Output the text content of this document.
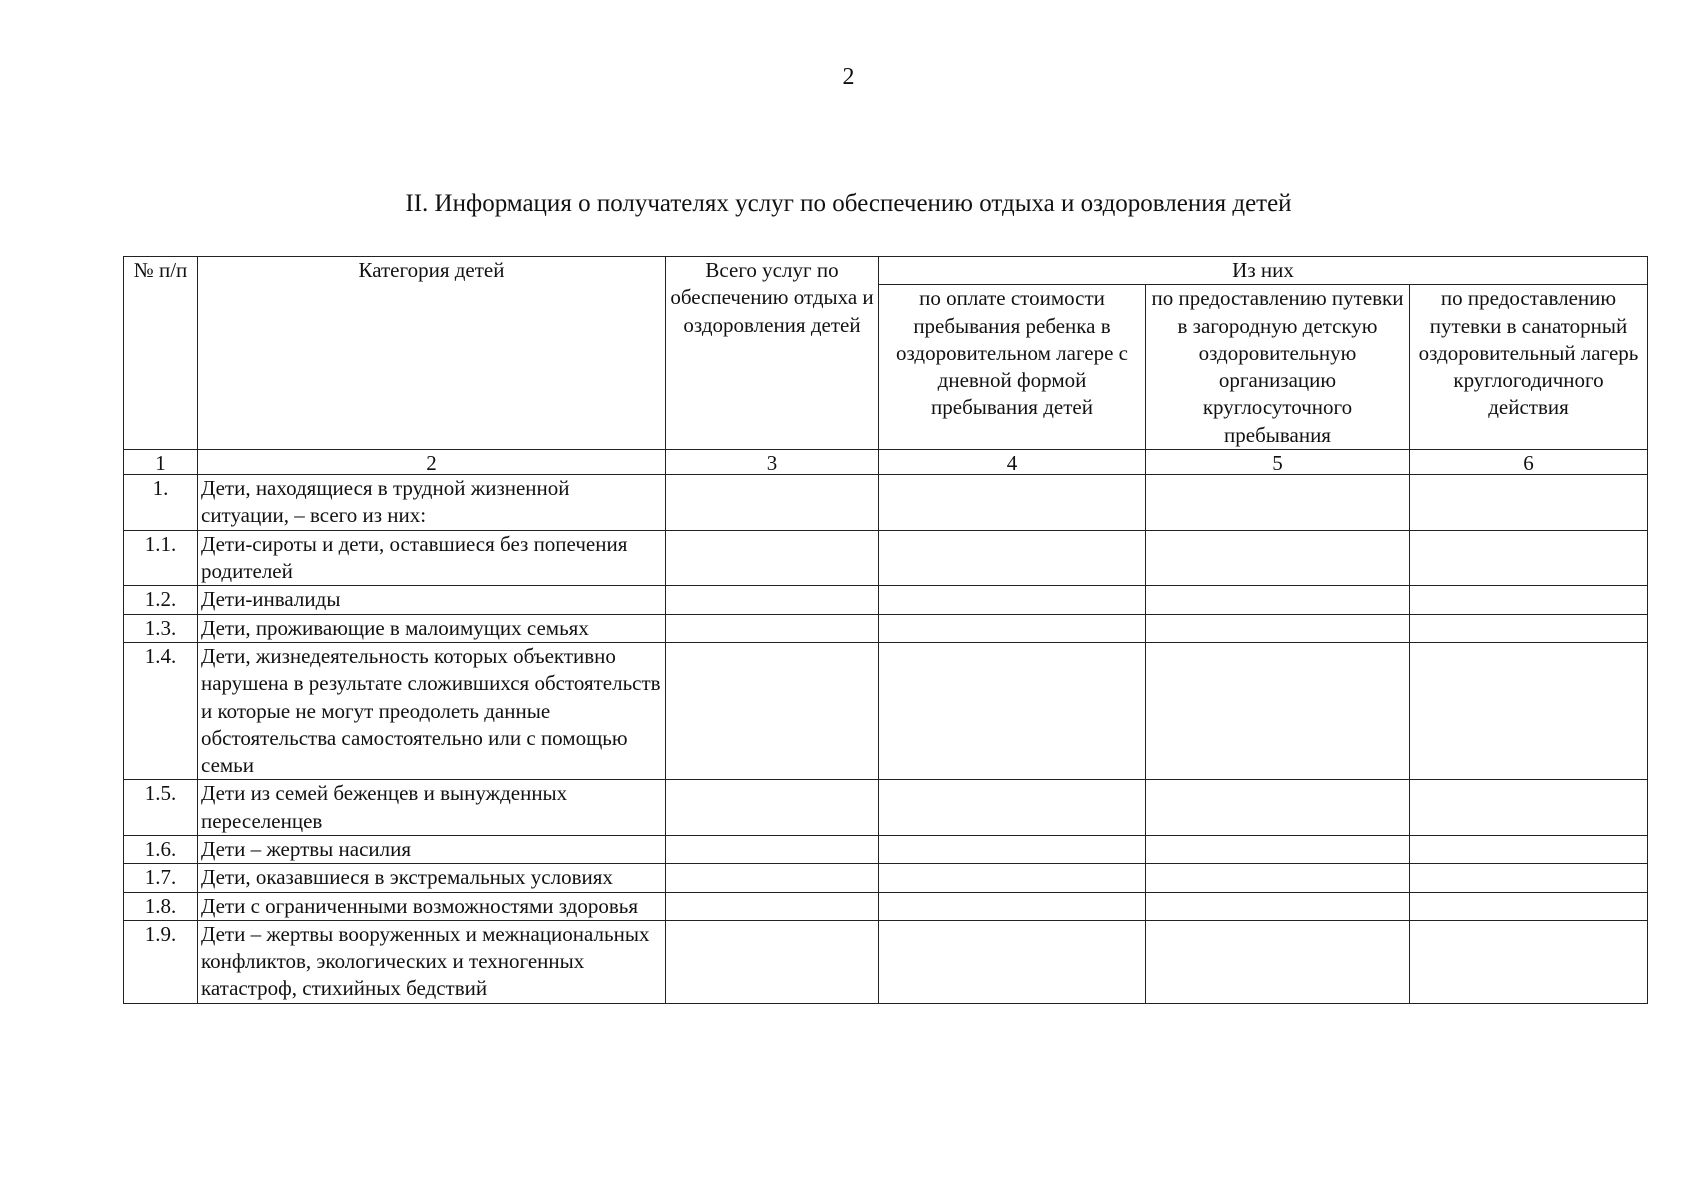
2
II. Информация о получателях услуг по обеспечению отдыха и оздоровления детей
№ п/п	Категория детей	Всего услуг по обеспечению отдыха и оздоровления детей	Из них		
			по оплате стоимости пребывания ребенка в оздоровительном лагере с дневной формой пребывания детей	по предоставлению путевки в загородную детскую оздоровительную организацию круглосуточного пребывания	по предоставлению путевки в санаторный оздоровительный лагерь круглогодичного действия
1	2	3	4	5	6
1.	Дети, находящиеся в трудной жизненной ситуации, – всего из них:				
1.1.	Дети-сироты и дети, оставшиеся без попечения родителей				
1.2.	Дети-инвалиды				
1.3.	Дети, проживающие в малоимущих семьях				
1.4.	Дети, жизнедеятельность которых объективно нарушена в результате сложившихся обстоятельств и которые не могут преодолеть данные обстоятельства самостоятельно или с помощью семьи				
1.5.	Дети из семей беженцев и вынужденных переселенцев				
1.6.	Дети – жертвы насилия				
1.7.	Дети, оказавшиеся в экстремальных условиях				
1.8.	Дети с ограниченными возможностями здоровья				
1.9.	Дети – жертвы вооруженных и межнациональных конфликтов, экологических и техногенных катастроф, стихийных бедствий				
